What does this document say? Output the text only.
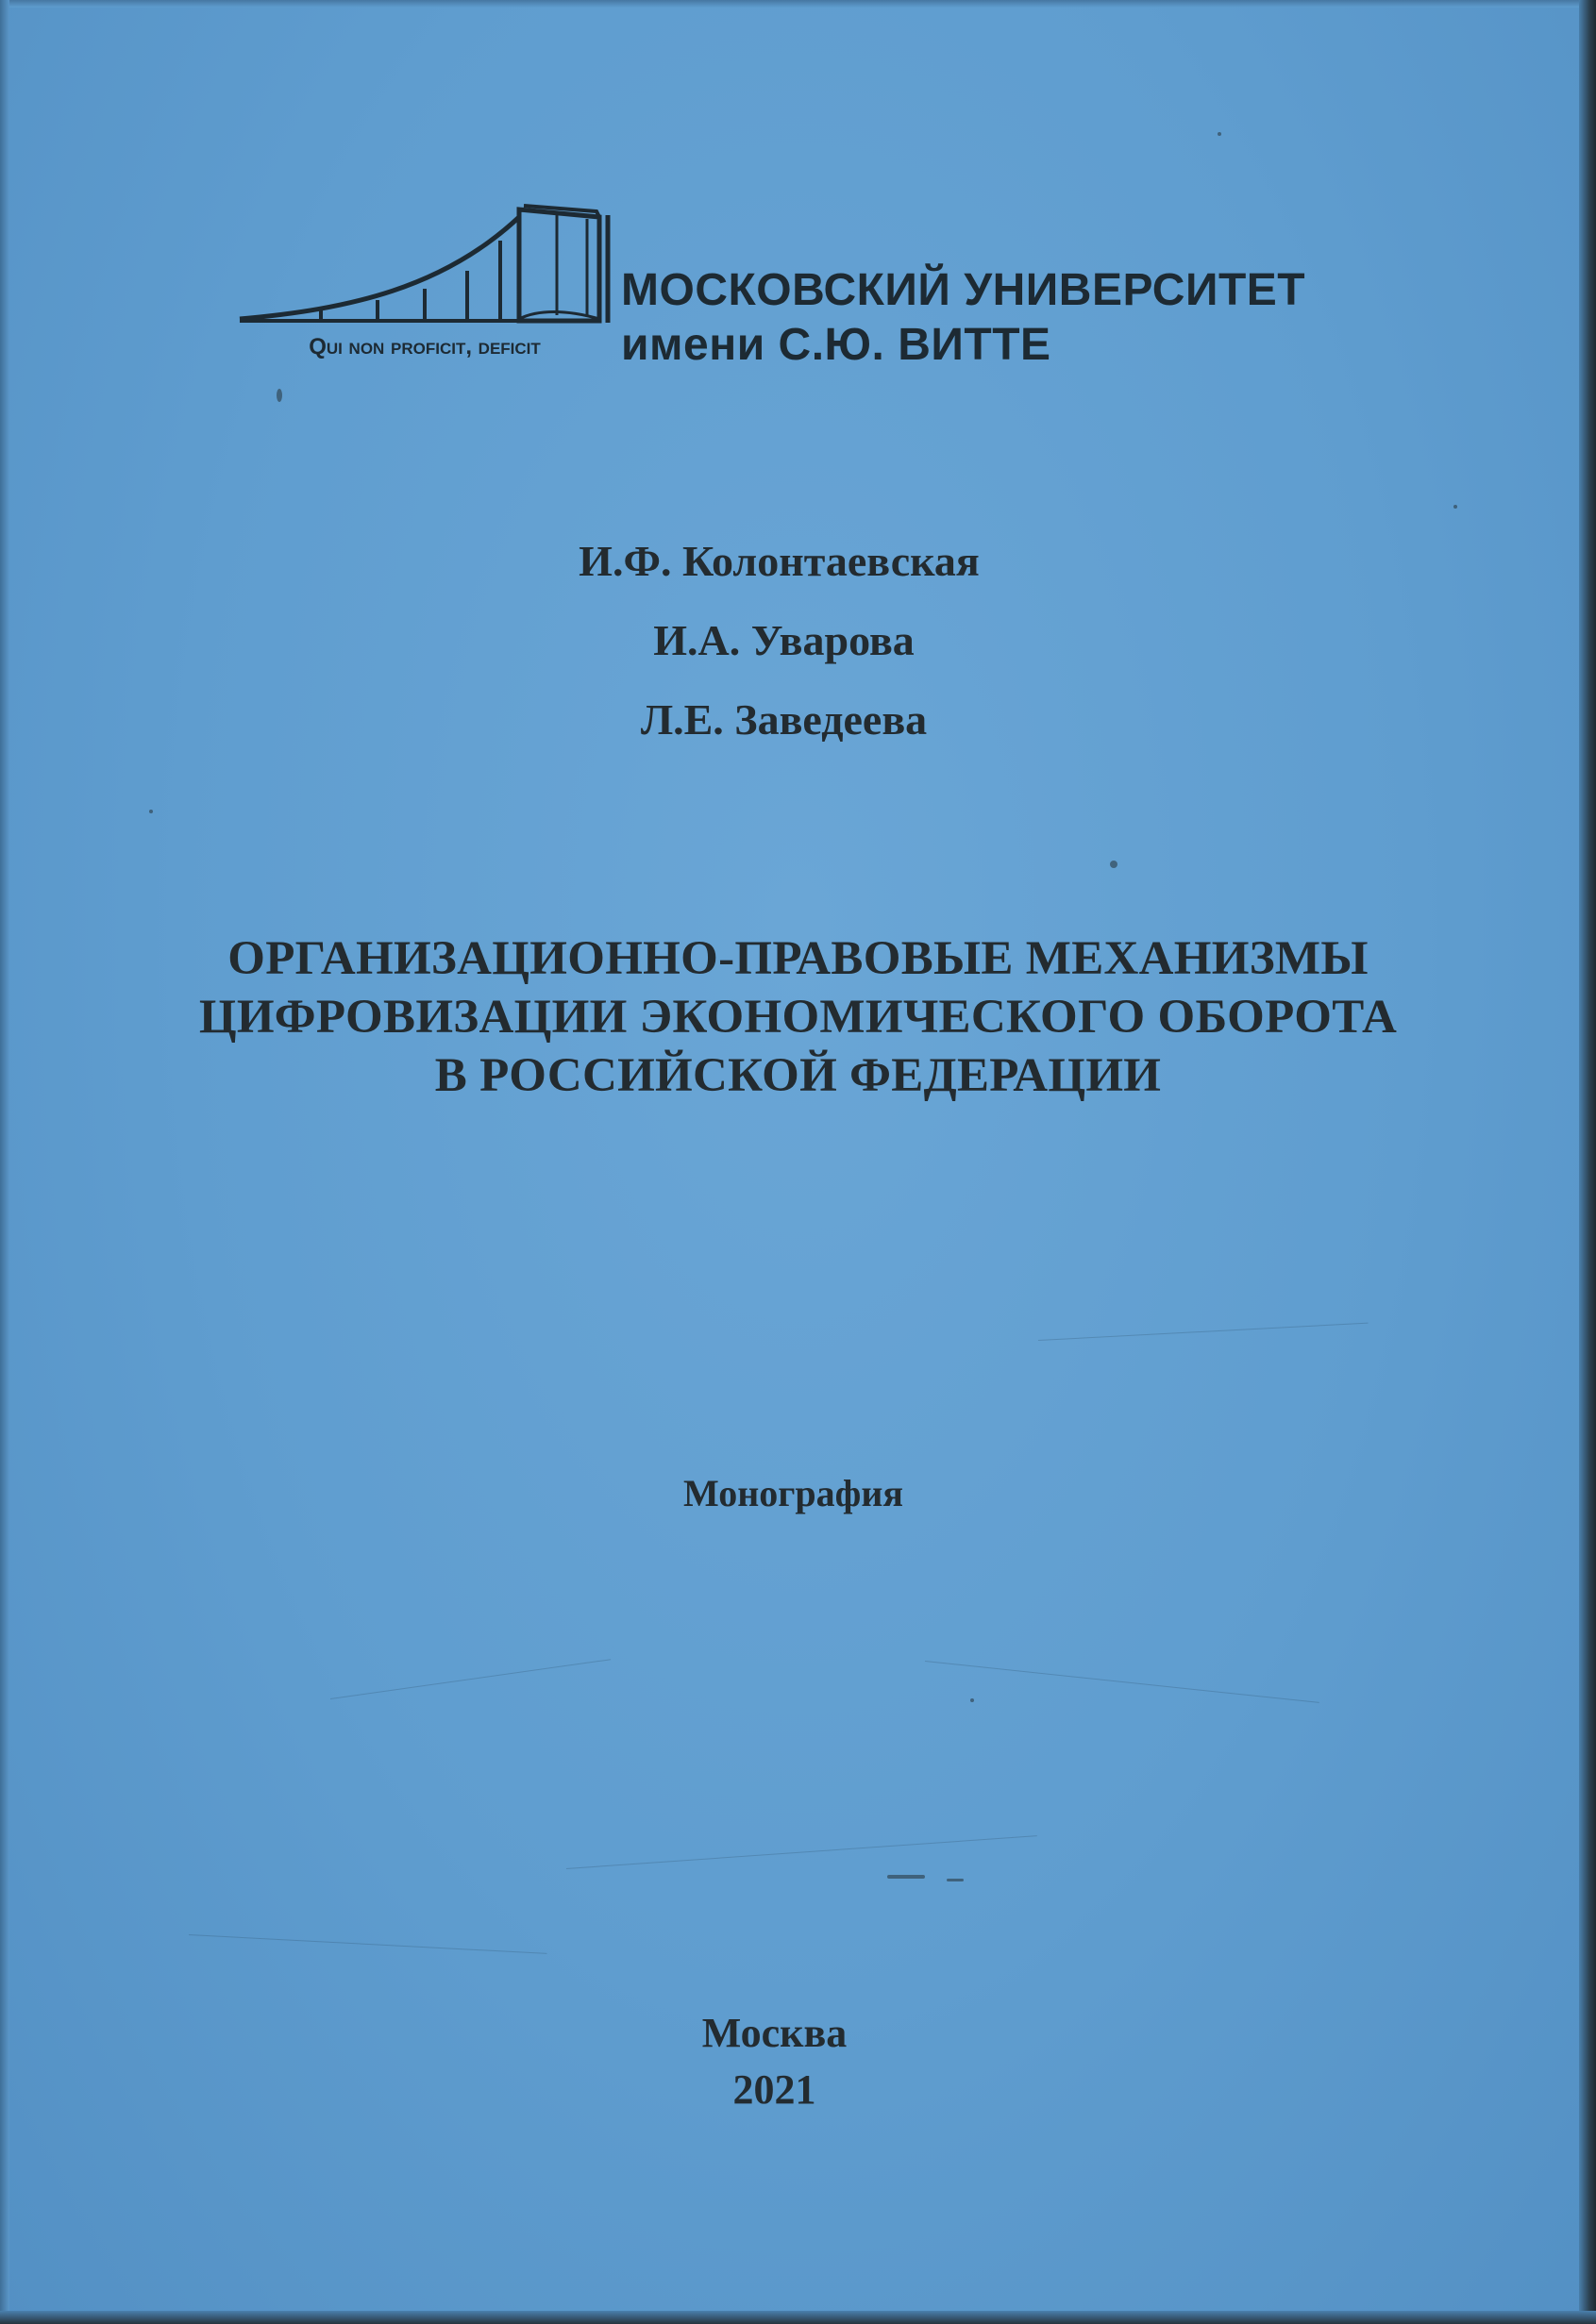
МОСКОВСКИЙ УНИВЕРСИТЕТ

имени С.Ю. ВИТТЕ

Qui non proficit, deficit

И.Ф. Колонтаевская

И.А. Уварова

Л.Е. Заведеева

ОРГАНИЗАЦИОННО-ПРАВОВЫЕ МЕХАНИЗМЫ

ЦИФРОВИЗАЦИИ ЭКОНОМИЧЕСКОГО ОБОРОТА

В РОССИЙСКОЙ ФЕДЕРАЦИИ

Монография

Москва

2021
